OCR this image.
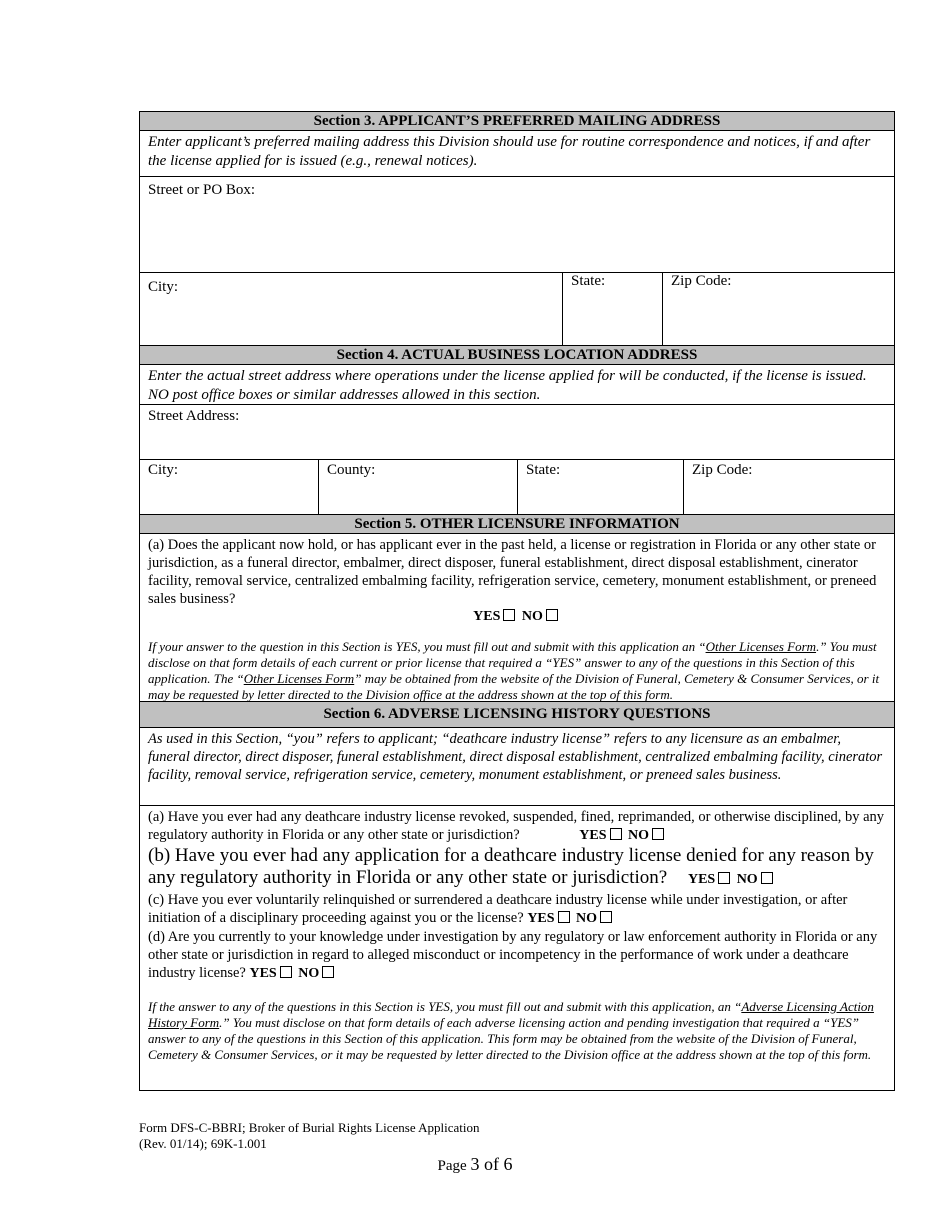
Section 3. APPLICANT’S PREFERRED MAILING ADDRESS
Enter applicant’s preferred mailing address this Division should use for routine correspondence and notices, if and after the license applied for is issued (e.g., renewal notices).
Street or PO Box:
City:	State:	Zip Code:
Section 4. ACTUAL BUSINESS LOCATION ADDRESS
Enter the actual street address where operations under the license applied for will be conducted, if the license is issued. NO post office boxes or similar addresses allowed in this section.
Street Address:
City:	County:	State:	Zip Code:
Section 5. OTHER LICENSURE INFORMATION
(a) Does the applicant now hold, or has applicant ever in the past held, a license or registration in Florida or any other state or jurisdiction, as a funeral director, embalmer, direct disposer, funeral establishment, direct disposal establishment, cinerator facility, removal service, centralized embalming facility, refrigeration service, cemetery, monument establishment, or preneed sales business?
YES NO
If your answer to the question in this Section is YES, you must fill out and submit with this application an “Other Licenses Form.” You must disclose on that form details of each current or prior license that required a “YES” answer to any of the questions in this Section of this application. The “Other Licenses Form” may be obtained from the website of the Division of Funeral, Cemetery & Consumer Services, or it may be requested by letter directed to the Division office at the address shown at the top of this form.
Section 6. ADVERSE LICENSING HISTORY QUESTIONS
As used in this Section, “you” refers to applicant; “deathcare industry license” refers to any licensure as an embalmer, funeral director, direct disposer, funeral establishment, direct disposal establishment, centralized embalming facility, cinerator facility, removal service, refrigeration service, cemetery, monument establishment, or preneed sales business.
(a) Have you ever had any deathcare industry license revoked, suspended, fined, reprimanded, or otherwise disciplined, by any regulatory authority in Florida or any other state or jurisdiction?	YES NO
(b) Have you ever had any application for a deathcare industry license denied for any reason by any regulatory authority in Florida or any other state or jurisdiction? YES NO
(c) Have you ever voluntarily relinquished or surrendered a deathcare industry license while under investigation, or after initiation of a disciplinary proceeding against you or the license? YES NO
(d) Are you currently to your knowledge under investigation by any regulatory or law enforcement authority in Florida or any other state or jurisdiction in regard to alleged misconduct or incompetency in the performance of work under a deathcare industry license? YES NO
If the answer to any of the questions in this Section is YES, you must fill out and submit with this application, an “Adverse Licensing Action History Form.” You must disclose on that form details of each adverse licensing action and pending investigation that required a “YES” answer to any of the questions in this Section of this application. This form may be obtained from the website of the Division of Funeral, Cemetery & Consumer Services, or it may be requested by letter directed to the Division office at the address shown at the top of this form.
Form DFS-C-BBRI; Broker of Burial Rights License Application
(Rev. 01/14); 69K-1.001
Page 3 of 6
